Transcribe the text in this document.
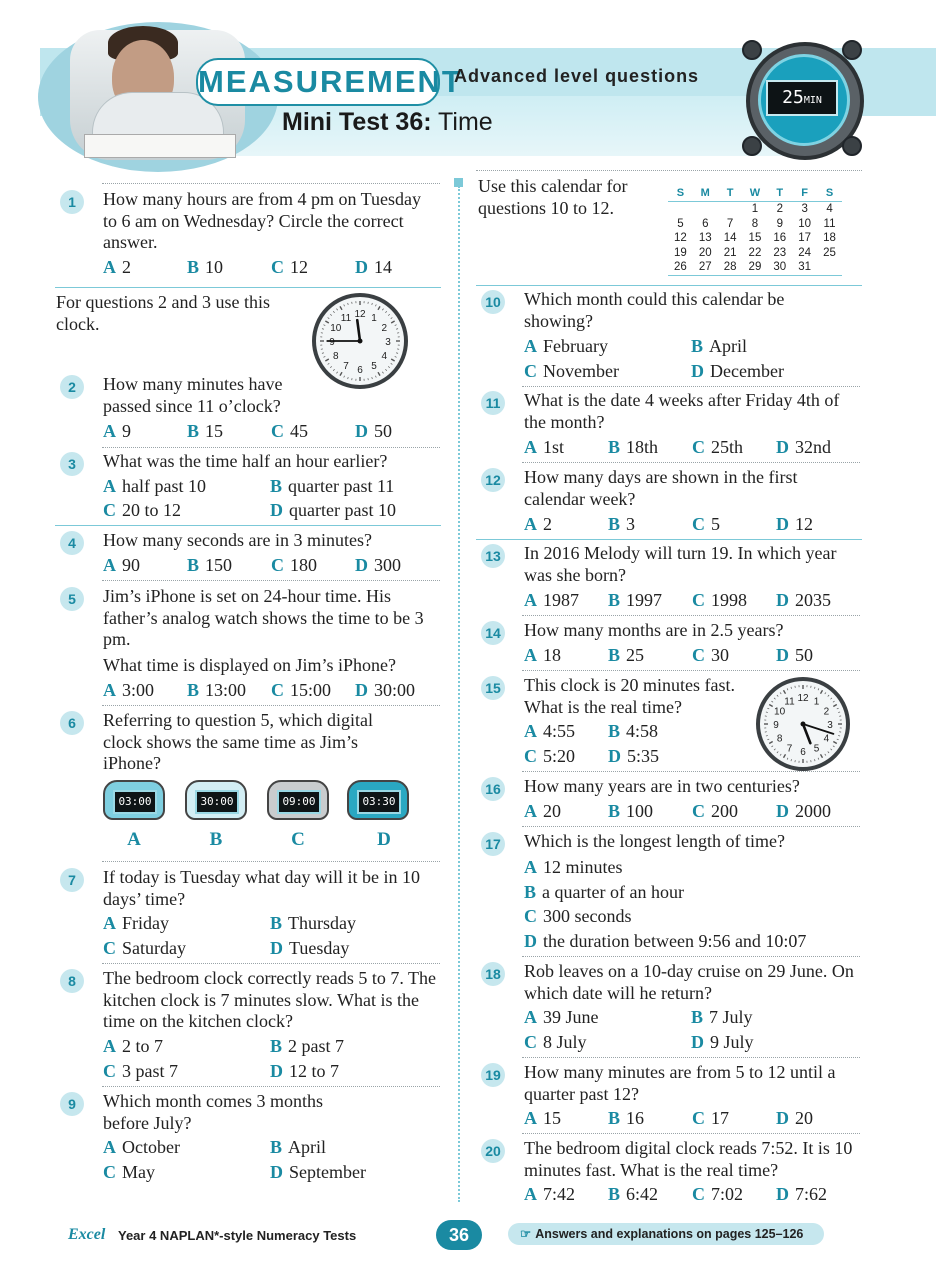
MEASUREMENT
Advanced level questions
Mini Test 36: Time
25MIN
1	How many hours are from 4 pm on Tuesday to 6 am on Wednesday? Circle the correct answer.
A 2	B 10	C 12	D 14
For questions 2 and 3 use this clock.	12 1
2
3
4
5
6
7
8
9
10
11
2	How many minutes have passed since 11 o’clock?
A 9	B 15	C 45	D 50
3	What was the time half an hour earlier?
A half past 10	B quarter past 11
C 20 to 12	D quarter past 10
4	How many seconds are in 3 minutes?
A 90	B 150 C 180 D 300
5	Jim’s iPhone is set on 24-hour time. His father’s analog watch shows the time to be 3 pm.
What time is displayed on Jim’s iPhone?
A 3:00 B 13:00 C 15:00 D 30:00
6	Referring to question 5, which digital clock shows the same time as Jim’s iPhone?
03:00	30:00	09:00	03:30
A	B	C	D
7	If today is Tuesday what day will it be in 10 days’ time?
A Friday	B Thursday
C Saturday	D Tuesday
8	The bedroom clock correctly reads 5 to 7. The kitchen clock is 7 minutes slow. What is the time on the kitchen clock?
A 2 to 7	B 2 past 7
C 3 past 7	D 12 to 7
9	Which month comes 3 months before July?
A October	B April
C May	D September
Use this calendar for questions 10 to 12.
S	M	T	W	T	F	S
			1	2	3	4
5	6	7	8	9	10	11
12	13	14	15	16	17	18
19	20	21	22	23	24	25
26	27	28	29	30	31	
10 Which month could this calendar be showing?
A February	B April
C November	D December
11 What is the date 4 weeks after Friday 4th of the month?
A 1st B 18th C 25th D 32nd
12 How many days are shown in the first calendar week?
A 2	B 3	C 5	D 12
13 In 2016 Melody will turn 19. In which year was she born?
A 1987 B 1997 C 1998 D 2035
14 How many months are in 2.5 years?
A 18	B 25	C 30	D 50
15 This clock is 20 minutes fast. What is the real time?	12 1
2
3
4
5
6
7
8
9
10
11
A 4:55 B 4:58
C 5:20 D 5:35
16 How many years are in two centuries?
A 20	B 100 C 200 D 2000
17 Which is the longest length of time?
A 12 minutes
B a quarter of an hour
C 300 seconds
D the duration between 9:56 and 10:07
18 Rob leaves on a 10-day cruise on 29 June. On which date will he return?
A 39 June	B 7 July
C 8 July	D 9 July
19 How many minutes are from 5 to 12 until a quarter past 12?
A 15	B 16	C 17	D 20
20 The bedroom digital clock reads 7:52. It is 10 minutes fast. What is the real time?
A 7:42 B 6:42 C 7:02 D 7:62
Excel Year 4 NAPLAN*-style Numeracy Tests	36	☞ Answers and explanations on pages 125–126
